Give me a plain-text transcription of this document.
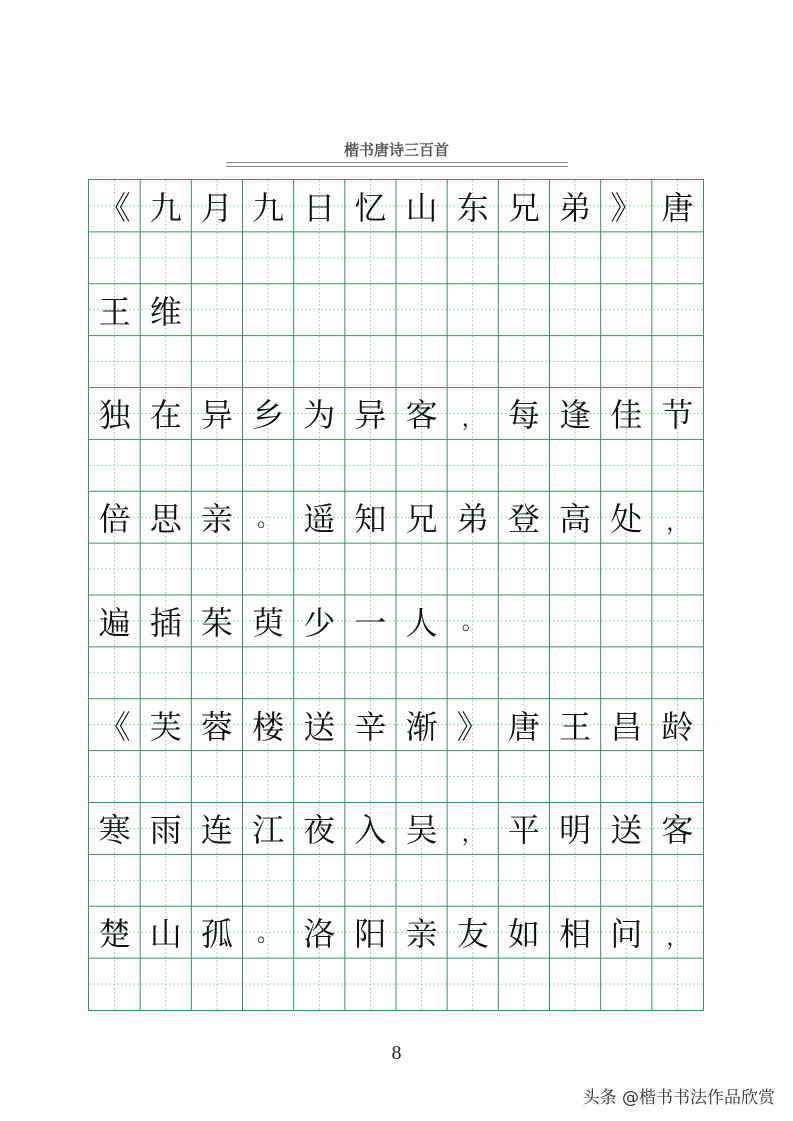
楷书唐诗三百首
《 九 月 九 日 忆 山 东 兄 弟 》 唐
王 维
独 在 异 乡 为 异 客	， 每 逢 佳 节
倍 思 亲	。 遥 知 兄 弟 登 高 处	，
遍 插 茱 萸 少 一 人	。
《 芙 蓉 楼 送 辛 渐 》 唐 王 昌 龄
寒 雨 连 江 夜 入 吴	， 平 明 送 客
楚 山 孤	。 洛 阳 亲 友 如 相 问	，
8
头条 @楷书书法作品欣赏
